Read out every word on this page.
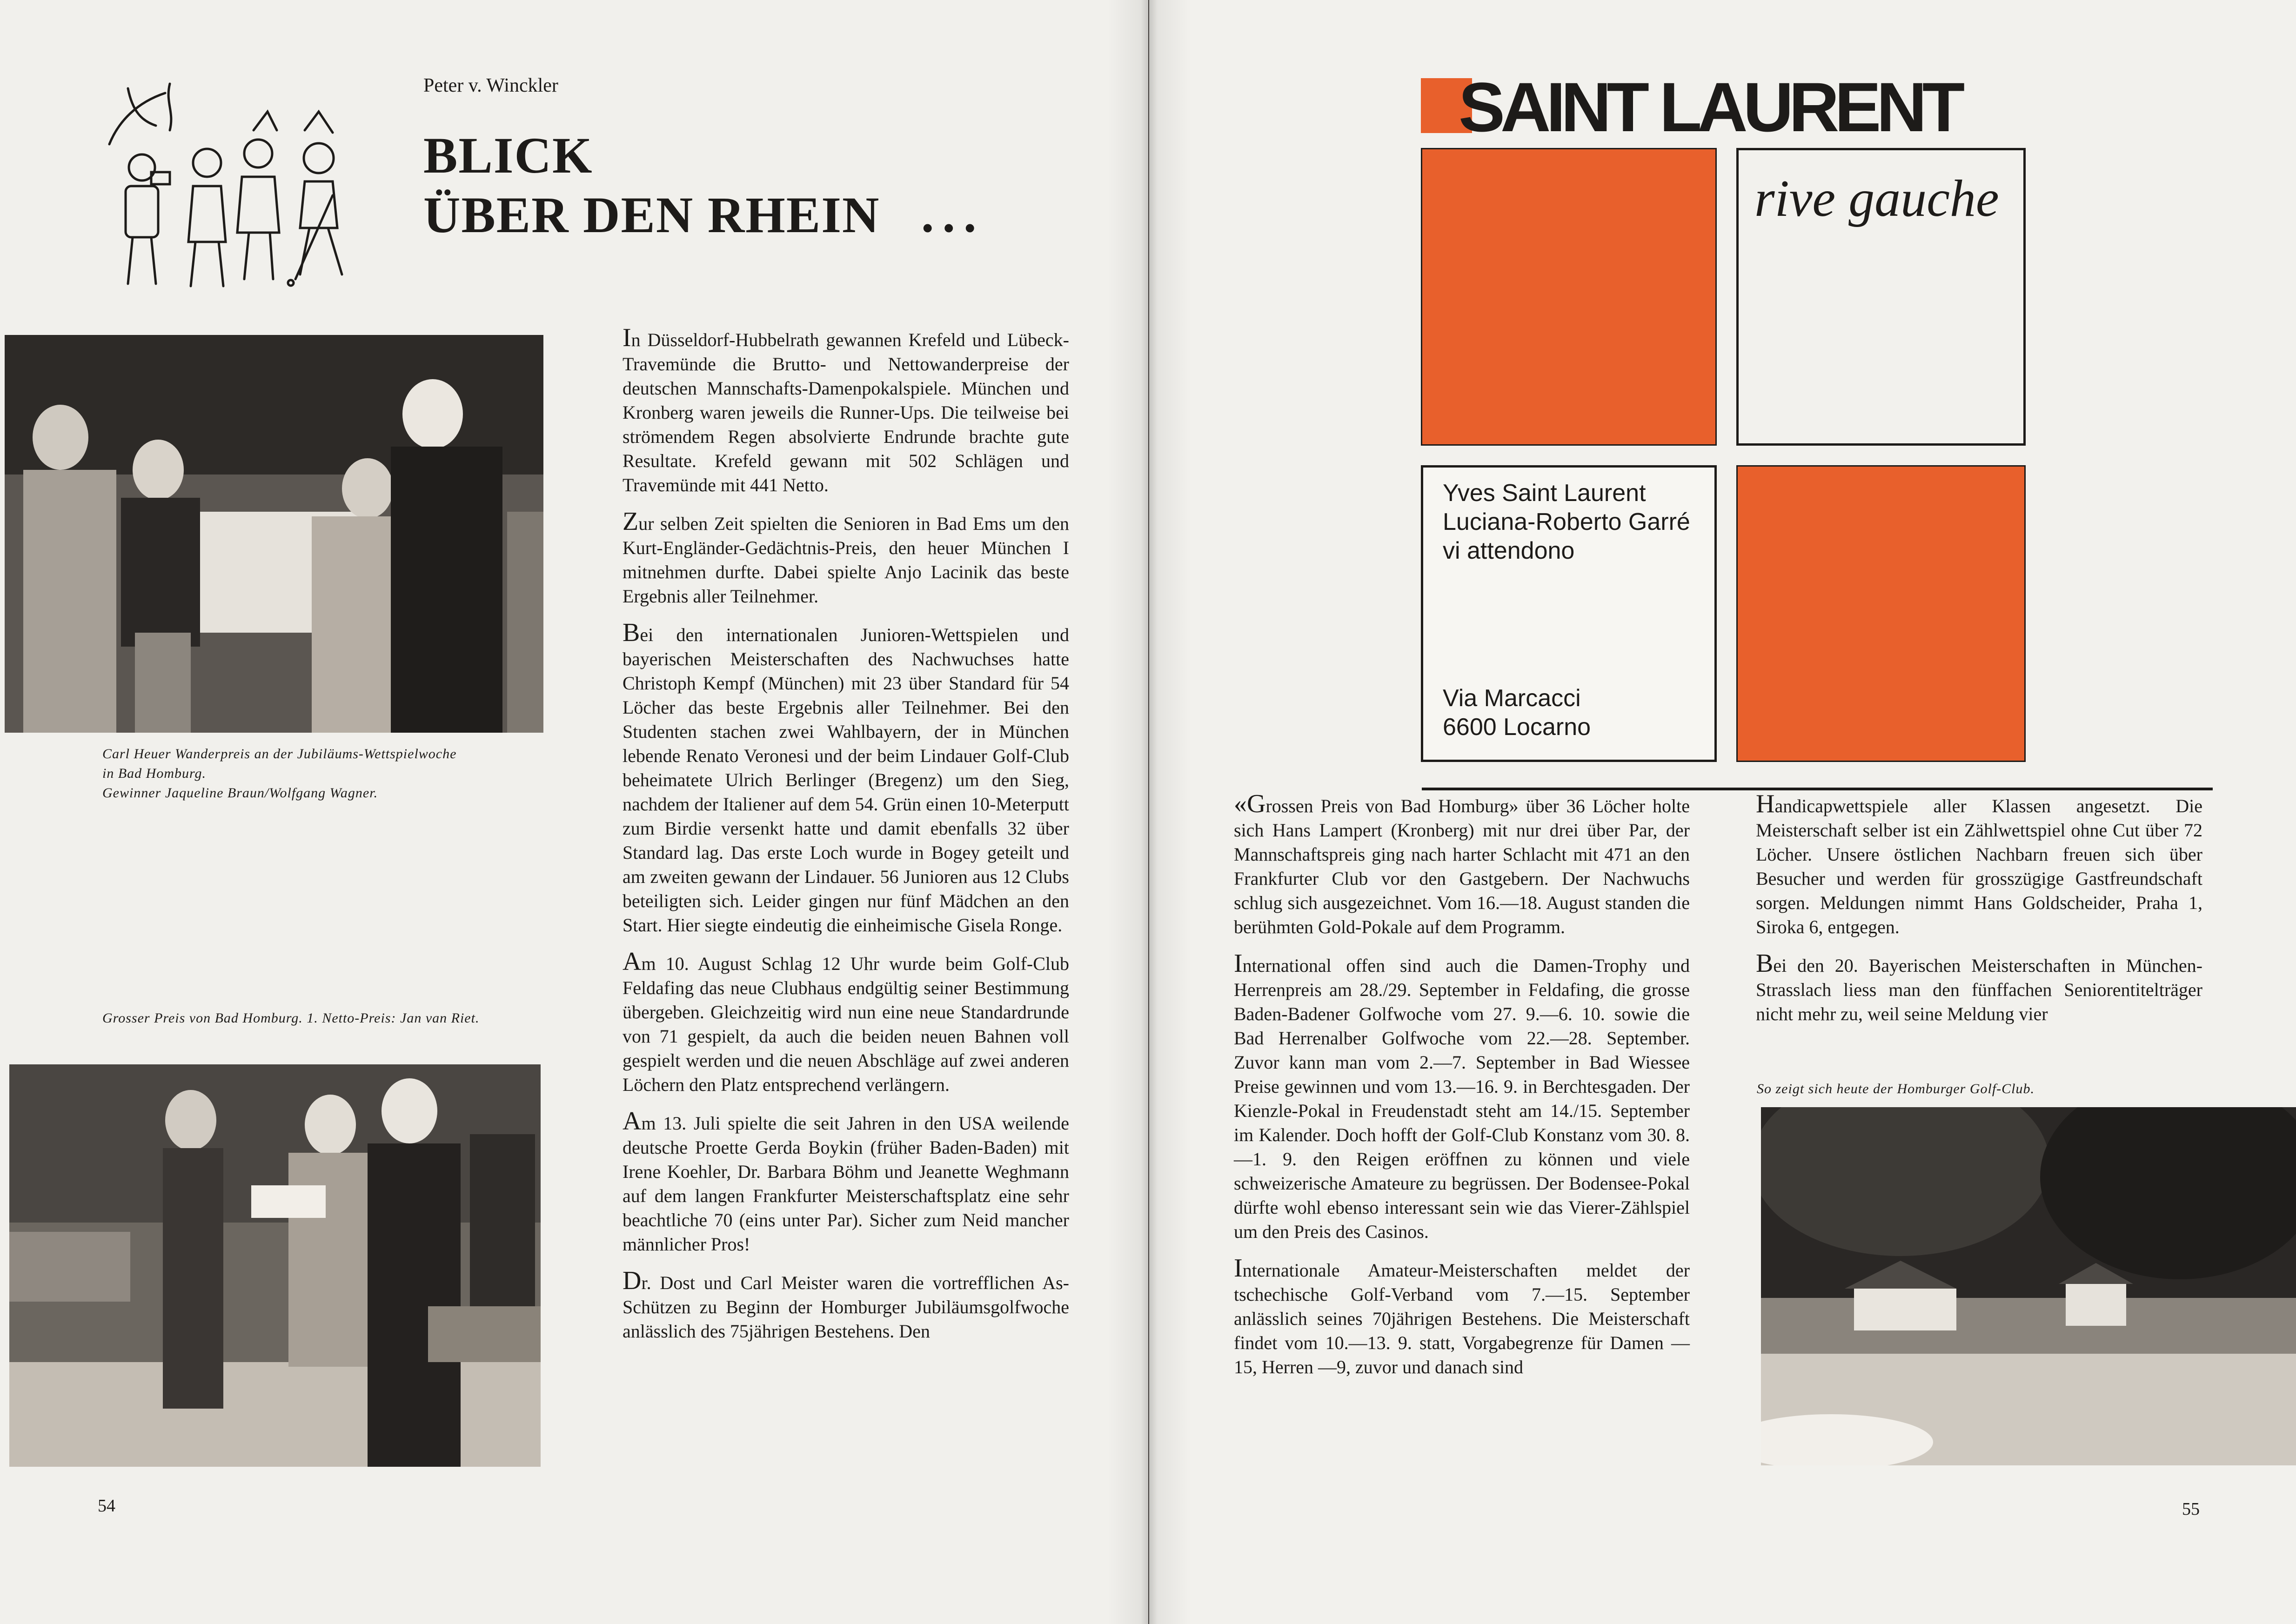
Peter v. Winckler
BLICK
ÜBER DEN RHEIN ...
Carl Heuer Wanderpreis an der Jubiläums-Wettspielwoche
in Bad Homburg.
Gewinner Jaqueline Braun/Wolfgang Wagner.
Grosser Preis von Bad Homburg. 1. Netto-Preis: Jan van Riet.

In Düsseldorf-Hubbelrath gewannen Krefeld und Lübeck-Travemünde die Brutto- und Nettowanderpreise der deutschen Mannschafts-Damenpokalspiele. München und Kronberg waren jeweils die Runner-Ups. Die teilweise bei strömendem Regen absolvierte Endrunde brachte gute Resultate. Krefeld gewann mit 502 Schlägen und Travemünde mit 441 Netto.

Zur selben Zeit spielten die Senioren in Bad Ems um den Kurt-Engländer-Gedächtnis-Preis, den heuer München I mitnehmen durfte. Dabei spielte Anjo Lacinik das beste Ergebnis aller Teilnehmer.

Bei den internationalen Junioren-Wettspielen und bayerischen Meisterschaften des Nachwuchses hatte Christoph Kempf (München) mit 23 über Standard für 54 Löcher das beste Ergebnis aller Teilnehmer. Bei den Studenten stachen zwei Wahlbayern, der in München lebende Renato Veronesi und der beim Lindauer Golf-Club beheimatete Ulrich Berlinger (Bregenz) um den Sieg, nachdem der Italiener auf dem 54. Grün einen 10-Meterputt zum Birdie versenkt hatte und damit ebenfalls 32 über Standard lag. Das erste Loch wurde in Bogey geteilt und am zweiten gewann der Lindauer. 56 Junioren aus 12 Clubs beteiligten sich. Leider gingen nur fünf Mädchen an den Start. Hier siegte eindeutig die einheimische Gisela Ronge.

Am 10. August Schlag 12 Uhr wurde beim Golf-Club Feldafing das neue Clubhaus endgültig seiner Bestimmung übergeben. Gleichzeitig wird nun eine neue Standardrunde von 71 gespielt, da auch die beiden neuen Bahnen voll gespielt werden und die neuen Abschläge auf zwei anderen Löchern den Platz entsprechend verlängern.

Am 13. Juli spielte die seit Jahren in den USA weilende deutsche Proette Gerda Boykin (früher Baden-Baden) mit Irene Koehler, Dr. Barbara Böhm und Jeanette Weghmann auf dem langen Frankfurter Meisterschaftsplatz eine sehr beachtliche 70 (eins unter Par). Sicher zum Neid mancher männlicher Pros!

Dr. Dost und Carl Meister waren die vortrefflichen As-Schützen zu Beginn der Homburger Jubiläumsgolfwoche anlässlich des 75jährigen Bestehens. Den

54
SAINT LAURENT
rive gauche
Yves Saint Laurent
Luciana-Roberto Garré
vi attendono
Via Marcacci
6600 Locarno

«Grossen Preis von Bad Homburg» über 36 Löcher holte sich Hans Lampert (Kronberg) mit nur drei über Par, der Mannschaftspreis ging nach harter Schlacht mit 471 an den Frankfurter Club vor den Gastgebern. Der Nachwuchs schlug sich ausgezeichnet. Vom 16.—18. August standen die berühmten Gold-Pokale auf dem Programm.

International offen sind auch die Damen-Trophy und Herrenpreis am 28./29. September in Feldafing, die grosse Baden-Badener Golfwoche vom 27. 9.—6. 10. sowie die Bad Herrenalber Golfwoche vom 22.—28. September. Zuvor kann man vom 2.—7. September in Bad Wiessee Preise gewinnen und vom 13.—16. 9. in Berchtesgaden. Der Kienzle-Pokal in Freudenstadt steht am 14./15. September im Kalender. Doch hofft der Golf-Club Konstanz vom 30. 8.—1. 9. den Reigen eröffnen zu können und viele schweizerische Amateure zu begrüssen. Der Bodensee-Pokal dürfte wohl ebenso interessant sein wie das Vierer-Zählspiel um den Preis des Casinos.

Internationale Amateur-Meisterschaften meldet der tschechische Golf-Verband vom 7.—15. September anlässlich seines 70jährigen Bestehens. Die Meisterschaft findet vom 10.—13. 9. statt, Vorgabegrenze für Damen —15, Herren —9, zuvor und danach sind

Handicapwettspiele aller Klassen angesetzt. Die Meisterschaft selber ist ein Zählwettspiel ohne Cut über 72 Löcher. Unsere östlichen Nachbarn freuen sich über Besucher und werden für grosszügige Gastfreundschaft sorgen. Meldungen nimmt Hans Goldscheider, Praha 1, Siroka 6, entgegen.

Bei den 20. Bayerischen Meisterschaften in München-Strasslach liess man den fünffachen Seniorentitelträger nicht mehr zu, weil seine Meldung vier

So zeigt sich heute der Homburger Golf-Club.
55
